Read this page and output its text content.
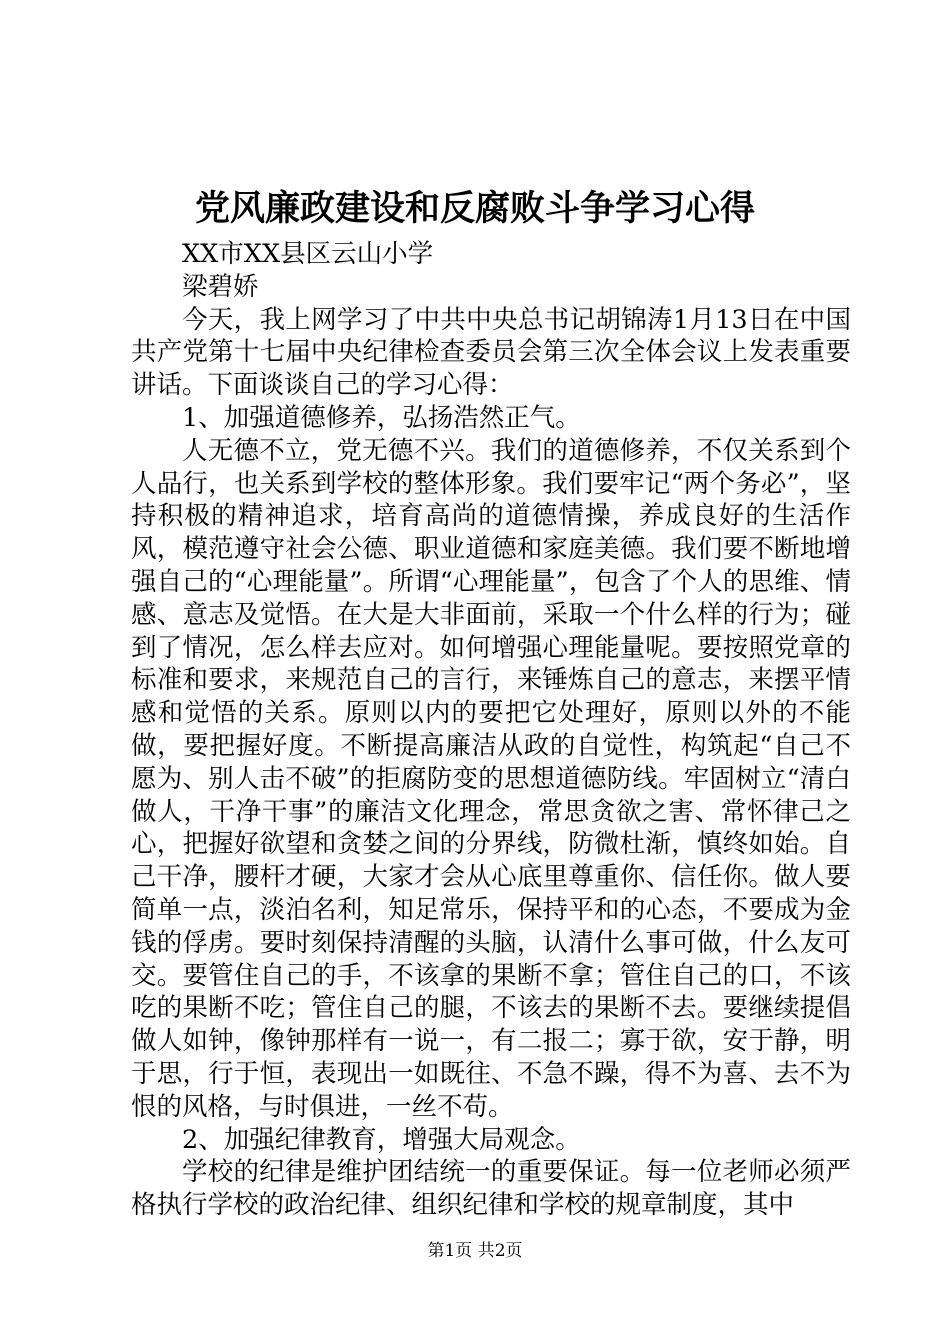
党风廉政建设和反腐败斗争学习心得

XX市XX县区云山小学

梁碧娇

今天，我上网学习了中共中央总书记胡锦涛1月13日在中国共产党第十七届中央纪律检查委员会第三次全体会议上发表重要讲话。下面谈谈自己的学习心得：

1、加强道德修养，弘扬浩然正气。

人无德不立，党无德不兴。我们的道德修养，不仅关系到个人品行，也关系到学校的整体形象。我们要牢记“两个务必”，坚持积极的精神追求，培育高尚的道德情操，养成良好的生活作风，模范遵守社会公德、职业道德和家庭美德。我们要不断地增强自己的“心理能量”。所谓“心理能量”，包含了个人的思维、情感、意志及觉悟。在大是大非面前，采取一个什么样的行为；碰到了情况，怎么样去应对。如何增强心理能量呢。要按照党章的标准和要求，来规范自己的言行，来锤炼自己的意志，来摆平情感和觉悟的关系。原则以内的要把它处理好，原则以外的不能做，要把握好度。不断提高廉洁从政的自觉性，构筑起“自己不愿为、别人击不破”的拒腐防变的思想道德防线。牢固树立“清白做人，干净干事”的廉洁文化理念，常思贪欲之害、常怀律己之心，把握好欲望和贪婪之间的分界线，防微杜渐，慎终如始。自己干净，腰杆才硬，大家才会从心底里尊重你、信任你。做人要简单一点，淡泊名利，知足常乐，保持平和的心态，不要成为金钱的俘虏。要时刻保持清醒的头脑，认清什么事可做，什么友可交。要管住自己的手，不该拿的果断不拿；管住自己的口，不该吃的果断不吃；管住自己的腿，不该去的果断不去。要继续提倡做人如钟，像钟那样有一说一，有二报二；寡于欲，安于静，明于思，行于恒，表现出一如既往、不急不躁，得不为喜、去不为恨的风格，与时俱进，一丝不苟。

2、加强纪律教育，增强大局观念。

学校的纪律是维护团结统一的重要保证。每一位老师必须严格执行学校的政治纪律、组织纪律和学校的规章制度，其中

第1页 共2页
